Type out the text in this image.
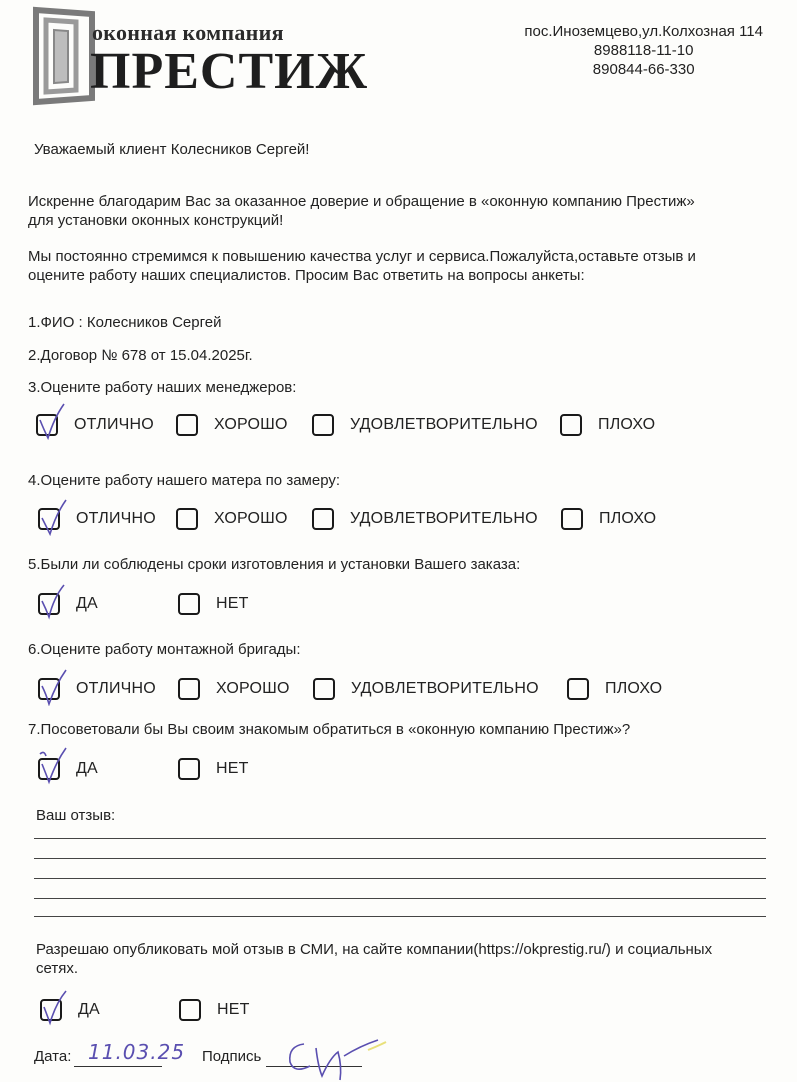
оконная компания
ПРЕСТИЖ
пос.Иноземцево,ул.Колхозная 114
8988118-11-10
890844-66-330
Уважаемый клиент Колесников Сергей!
Искренне благодарим Вас за оказанное доверие и обращение в «оконную компанию Престиж»
для установки оконных конструкций!
Мы постоянно стремимся к повышению качества услуг и сервиса.Пожалуйста,оставьте отзыв и
оцените работу наших специалистов. Просим Вас ответить на вопросы анкеты:
1.ФИО : Колесников Сергей
2.Договор № 678 от 15.04.2025г.
3.Оцените работу наших менеджеров:
ОТЛИЧНО	ХОРОШО	УДОВЛЕТВОРИТЕЛЬНО	ПЛОХО
4.Оцените работу нашего матера по замеру:
ОТЛИЧНО	ХОРОШО	УДОВЛЕТВОРИТЕЛЬНО	ПЛОХО
5.Были ли соблюдены сроки изготовления и установки Вашего заказа:
ДА	НЕТ
6.Оцените работу монтажной бригады:
ОТЛИЧНО	ХОРОШО	УДОВЛЕТВОРИТЕЛЬНО	ПЛОХО
7.Посоветовали бы Вы своим знакомым обратиться в «оконную компанию Престиж»?
ДА	НЕТ
Ваш отзыв:
Разрешаю опубликовать мой отзыв в СМИ, на сайте компании(https://okprestig.ru/) и социальных
сетях.
ДА	НЕТ
Дата: 11.03.25 Подпись
